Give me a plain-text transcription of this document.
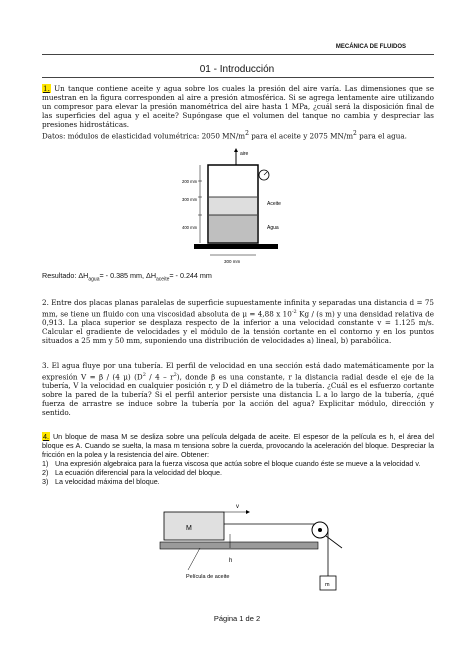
MECÁNICA DE FLUIDOS
01 - Introducción

1. Un tanque contiene aceite y agua sobre los cuales la presión del aire varía. Las dimensiones que se muestran en la figura corresponden al aire a presión atmosférica. Si se agrega lentamente aire utilizando un compresor para elevar la presión manométrica del aire hasta 1 MPa, ¿cuál será la disposición final de las superficies del agua y el aceite? Supóngase que el volumen del tanque no cambia y despreciar las presiones hidrostáticas.
Datos: módulos de elasticidad volumétrica: 2050 $MN/m^2$ para el aceite y 2075 $MN/m^2$ para el agua.

aire
200 mm
300 mm
400 mm
Aceite
Agua
300 mm

Resultado: $\Delta H_{agua}= - 0.385$ mm, $\Delta H_{aceite}= - 0.244$ mm

2. Entre dos placas planas paralelas de superficie supuestamente infinita y separadas una distancia d = 75 mm, se tiene un fluido con una viscosidad absoluta de μ = 4,88 x $10^{-2}$ Kg / (s m) y una densidad relativa de 0,913. La placa superior se desplaza respecto de la inferior a una velocidad constante v = 1.125 m/s. Calcular el gradiente de velocidades y el módulo de la tensión cortante en el contorno y en los puntos situados a 25 mm y 50 mm, suponiendo una distribución de velocidades a) lineal, b) parabólica.

3. El agua fluye por una tubería. El perfil de velocidad en una sección está dado matemáticamente por la expresión V = β / (4 μ) $(D^2 / 4 - r^2)$, donde β es una constante, r la distancia radial desde el eje de la tubería, V la velocidad en cualquier posición r, y D el diámetro de la tubería. ¿Cuál es el esfuerzo cortante sobre la pared de la tubería? Si el perfil anterior persiste una distancia L a lo largo de la tubería, ¿qué fuerza de arrastre se induce sobre la tubería por la acción del agua? Explicitar módulo, dirección y sentido.

4. Un bloque de masa M se desliza sobre una película delgada de aceite. El espesor de la película es h, el área del bloque es A. Cuando se suelta, la masa m tensiona sobre la cuerda, provocando la aceleración del bloque. Despreciar la fricción en la polea y la resistencia del aire. Obtener:

1) Una expresión algebraica para la fuerza viscosa que actúa sobre el bloque cuando éste se mueve a la velocidad v.
2) La ecuación diferencial para la velocidad del bloque.
3) La velocidad máxima del bloque.
M
v
h
m
Película de aceite
Página 1 de 2
